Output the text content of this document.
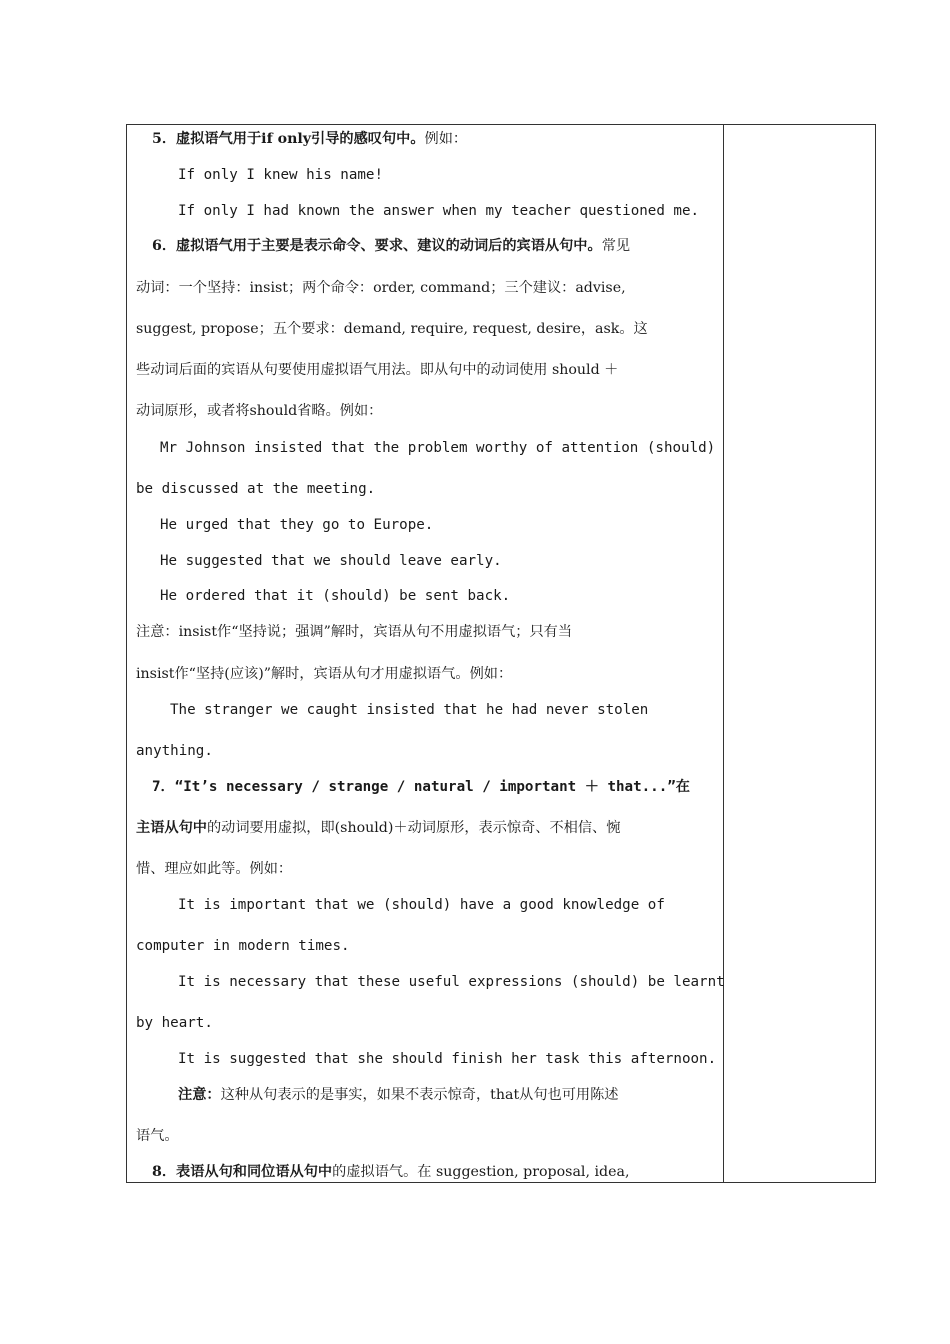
5．虚拟语气用于if only引导的感叹句中。例如：
If only I knew his name!
If only I had known the answer when my teacher questioned me.
6．虚拟语气用于主要是表示命令、要求、建议的动词后的宾语从句中。常见
动词：一个坚持：insist；两个命令：order, command；三个建议：advise,
suggest, propose；五个要求：demand, require, request, desire，ask。这
些动词后面的宾语从句要使用虚拟语气用法。即从句中的动词使用 should ＋
动词原形，或者将should省略。例如：
Mr Johnson insisted that the problem worthy of attention (should)
be discussed at the meeting.
He urged that they go to Europe.
He suggested that we should leave early.
He ordered that it (should) be sent back.
注意：insist作“坚持说；强调”解时，宾语从句不用虚拟语气；只有当
insist作“坚持(应该)”解时，宾语从句才用虚拟语气。例如：
The stranger we caught insisted that he had never stolen
anything.
7．“It’s necessary / strange / natural / important ＋ that...”在
主语从句中的动词要用虚拟，即(should)＋动词原形，表示惊奇、不相信、惋
惜、理应如此等。例如：
It is important that we (should) have a good knowledge of
computer in modern times.
It is necessary that these useful expressions (should) be learnt
by heart.
It is suggested that she should finish her task this afternoon.
注意：这种从句表示的是事实，如果不表示惊奇，that从句也可用陈述
语气。
8．表语从句和同位语从句中的虚拟语气。在 suggestion, proposal, idea,
